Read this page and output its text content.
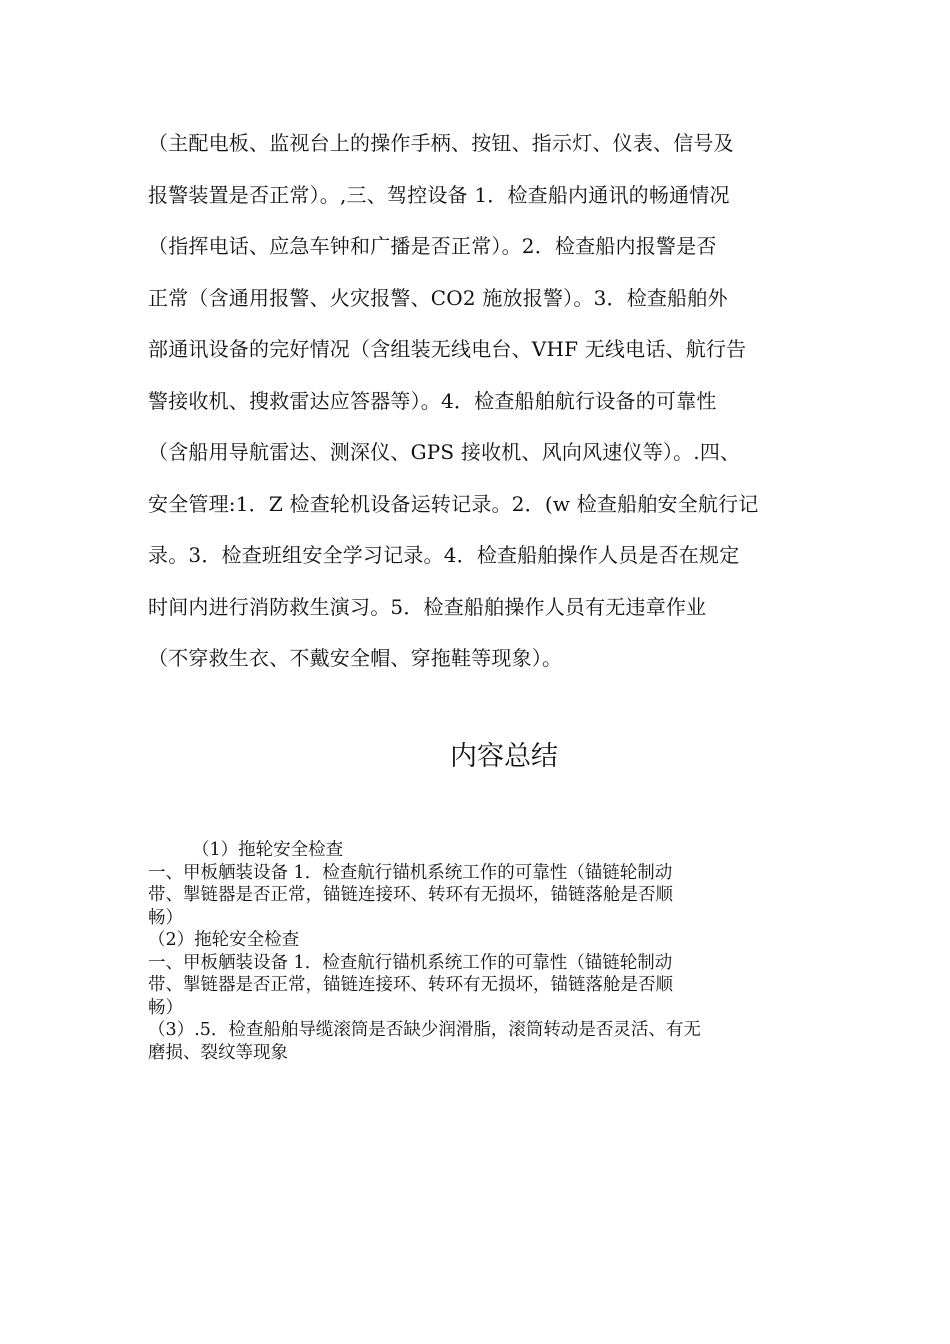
（主配电板、监视台上的操作手柄、按钮、指示灯、仪表、信号及
报警装置是否正常）。,三、驾控设备 1．检查船内通讯的畅通情况
（指挥电话、应急车钟和广播是否正常）。2．检查船内报警是否
正常（含通用报警、火灾报警、CO2 施放报警）。3．检查船舶外
部通讯设备的完好情况（含组装无线电台、VHF 无线电话、航行告
警接收机、搜救雷达应答器等）。4．检查船舶航行设备的可靠性
（含船用导航雷达、测深仪、GPS 接收机、风向风速仪等）。.四、
安全管理:1．Z 检查轮机设备运转记录。2．(w 检查船舶安全航行记
录。3．检查班组安全学习记录。4．检查船舶操作人员是否在规定
时间内进行消防救生演习。5．检查船舶操作人员有无违章作业
（不穿救生衣、不戴安全帽、穿拖鞋等现象）。
内容总结
（1）拖轮安全检查
一、甲板舾装设备 1．检查航行锚机系统工作的可靠性（锚链轮制动
带、掣链器是否正常，锚链连接环、转环有无损坏，锚链落舱是否顺
畅）
（2）拖轮安全检查
一、甲板舾装设备 1．检查航行锚机系统工作的可靠性（锚链轮制动
带、掣链器是否正常，锚链连接环、转环有无损坏，锚链落舱是否顺
畅）
（3）.5．检查船舶导缆滚筒是否缺少润滑脂，滚筒转动是否灵活、有无
磨损、裂纹等现象
